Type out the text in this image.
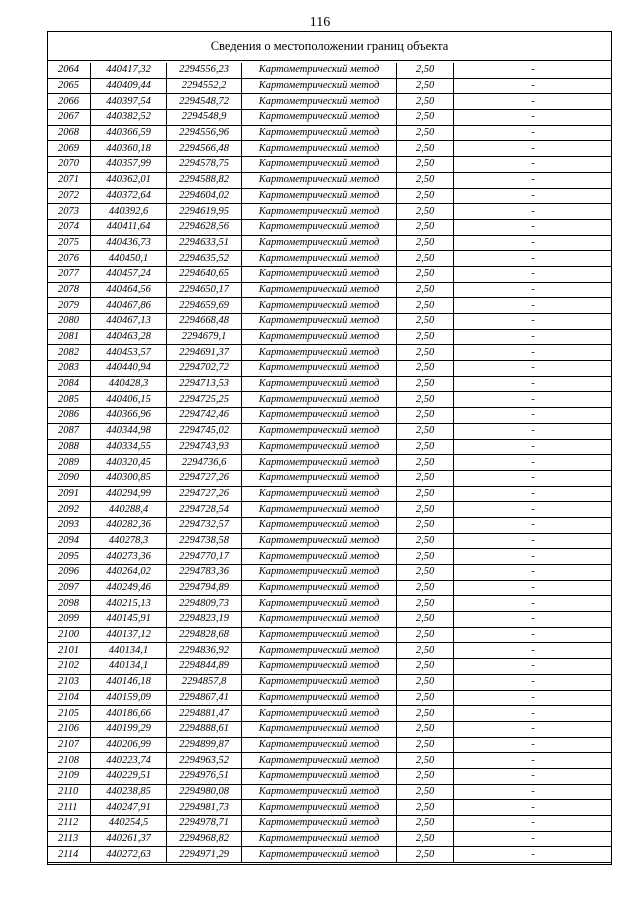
116
Сведения о местоположении границ объекта
2064	440417,32	2294556,23	Картометрический метод	2,50	-
2065	440409,44	2294552,2	Картометрический метод	2,50	-
2066	440397,54	2294548,72	Картометрический метод	2,50	-
2067	440382,52	2294548,9	Картометрический метод	2,50	-
2068	440366,59	2294556,96	Картометрический метод	2,50	-
2069	440360,18	2294566,48	Картометрический метод	2,50	-
2070	440357,99	2294578,75	Картометрический метод	2,50	-
2071	440362,01	2294588,82	Картометрический метод	2,50	-
2072	440372,64	2294604,02	Картометрический метод	2,50	-
2073	440392,6	2294619,95	Картометрический метод	2,50	-
2074	440411,64	2294628,56	Картометрический метод	2,50	-
2075	440436,73	2294633,51	Картометрический метод	2,50	-
2076	440450,1	2294635,52	Картометрический метод	2,50	-
2077	440457,24	2294640,65	Картометрический метод	2,50	-
2078	440464,56	2294650,17	Картометрический метод	2,50	-
2079	440467,86	2294659,69	Картометрический метод	2,50	-
2080	440467,13	2294668,48	Картометрический метод	2,50	-
2081	440463,28	2294679,1	Картометрический метод	2,50	-
2082	440453,57	2294691,37	Картометрический метод	2,50	-
2083	440440,94	2294702,72	Картометрический метод	2,50	-
2084	440428,3	2294713,53	Картометрический метод	2,50	-
2085	440406,15	2294725,25	Картометрический метод	2,50	-
2086	440366,96	2294742,46	Картометрический метод	2,50	-
2087	440344,98	2294745,02	Картометрический метод	2,50	-
2088	440334,55	2294743,93	Картометрический метод	2,50	-
2089	440320,45	2294736,6	Картометрический метод	2,50	-
2090	440300,85	2294727,26	Картометрический метод	2,50	-
2091	440294,99	2294727,26	Картометрический метод	2,50	-
2092	440288,4	2294728,54	Картометрический метод	2,50	-
2093	440282,36	2294732,57	Картометрический метод	2,50	-
2094	440278,3	2294738,58	Картометрический метод	2,50	-
2095	440273,36	2294770,17	Картометрический метод	2,50	-
2096	440264,02	2294783,36	Картометрический метод	2,50	-
2097	440249,46	2294794,89	Картометрический метод	2,50	-
2098	440215,13	2294809,73	Картометрический метод	2,50	-
2099	440145,91	2294823,19	Картометрический метод	2,50	-
2100	440137,12	2294828,68	Картометрический метод	2,50	-
2101	440134,1	2294836,92	Картометрический метод	2,50	-
2102	440134,1	2294844,89	Картометрический метод	2,50	-
2103	440146,18	2294857,8	Картометрический метод	2,50	-
2104	440159,09	2294867,41	Картометрический метод	2,50	-
2105	440186,66	2294881,47	Картометрический метод	2,50	-
2106	440199,29	2294888,61	Картометрический метод	2,50	-
2107	440206,99	2294899,87	Картометрический метод	2,50	-
2108	440223,74	2294963,52	Картометрический метод	2,50	-
2109	440229,51	2294976,51	Картометрический метод	2,50	-
2110	440238,85	2294980,08	Картометрический метод	2,50	-
2111	440247,91	2294981,73	Картометрический метод	2,50	-
2112	440254,5	2294978,71	Картометрический метод	2,50	-
2113	440261,37	2294968,82	Картометрический метод	2,50	-
2114	440272,63	2294971,29	Картометрический метод	2,50	-
